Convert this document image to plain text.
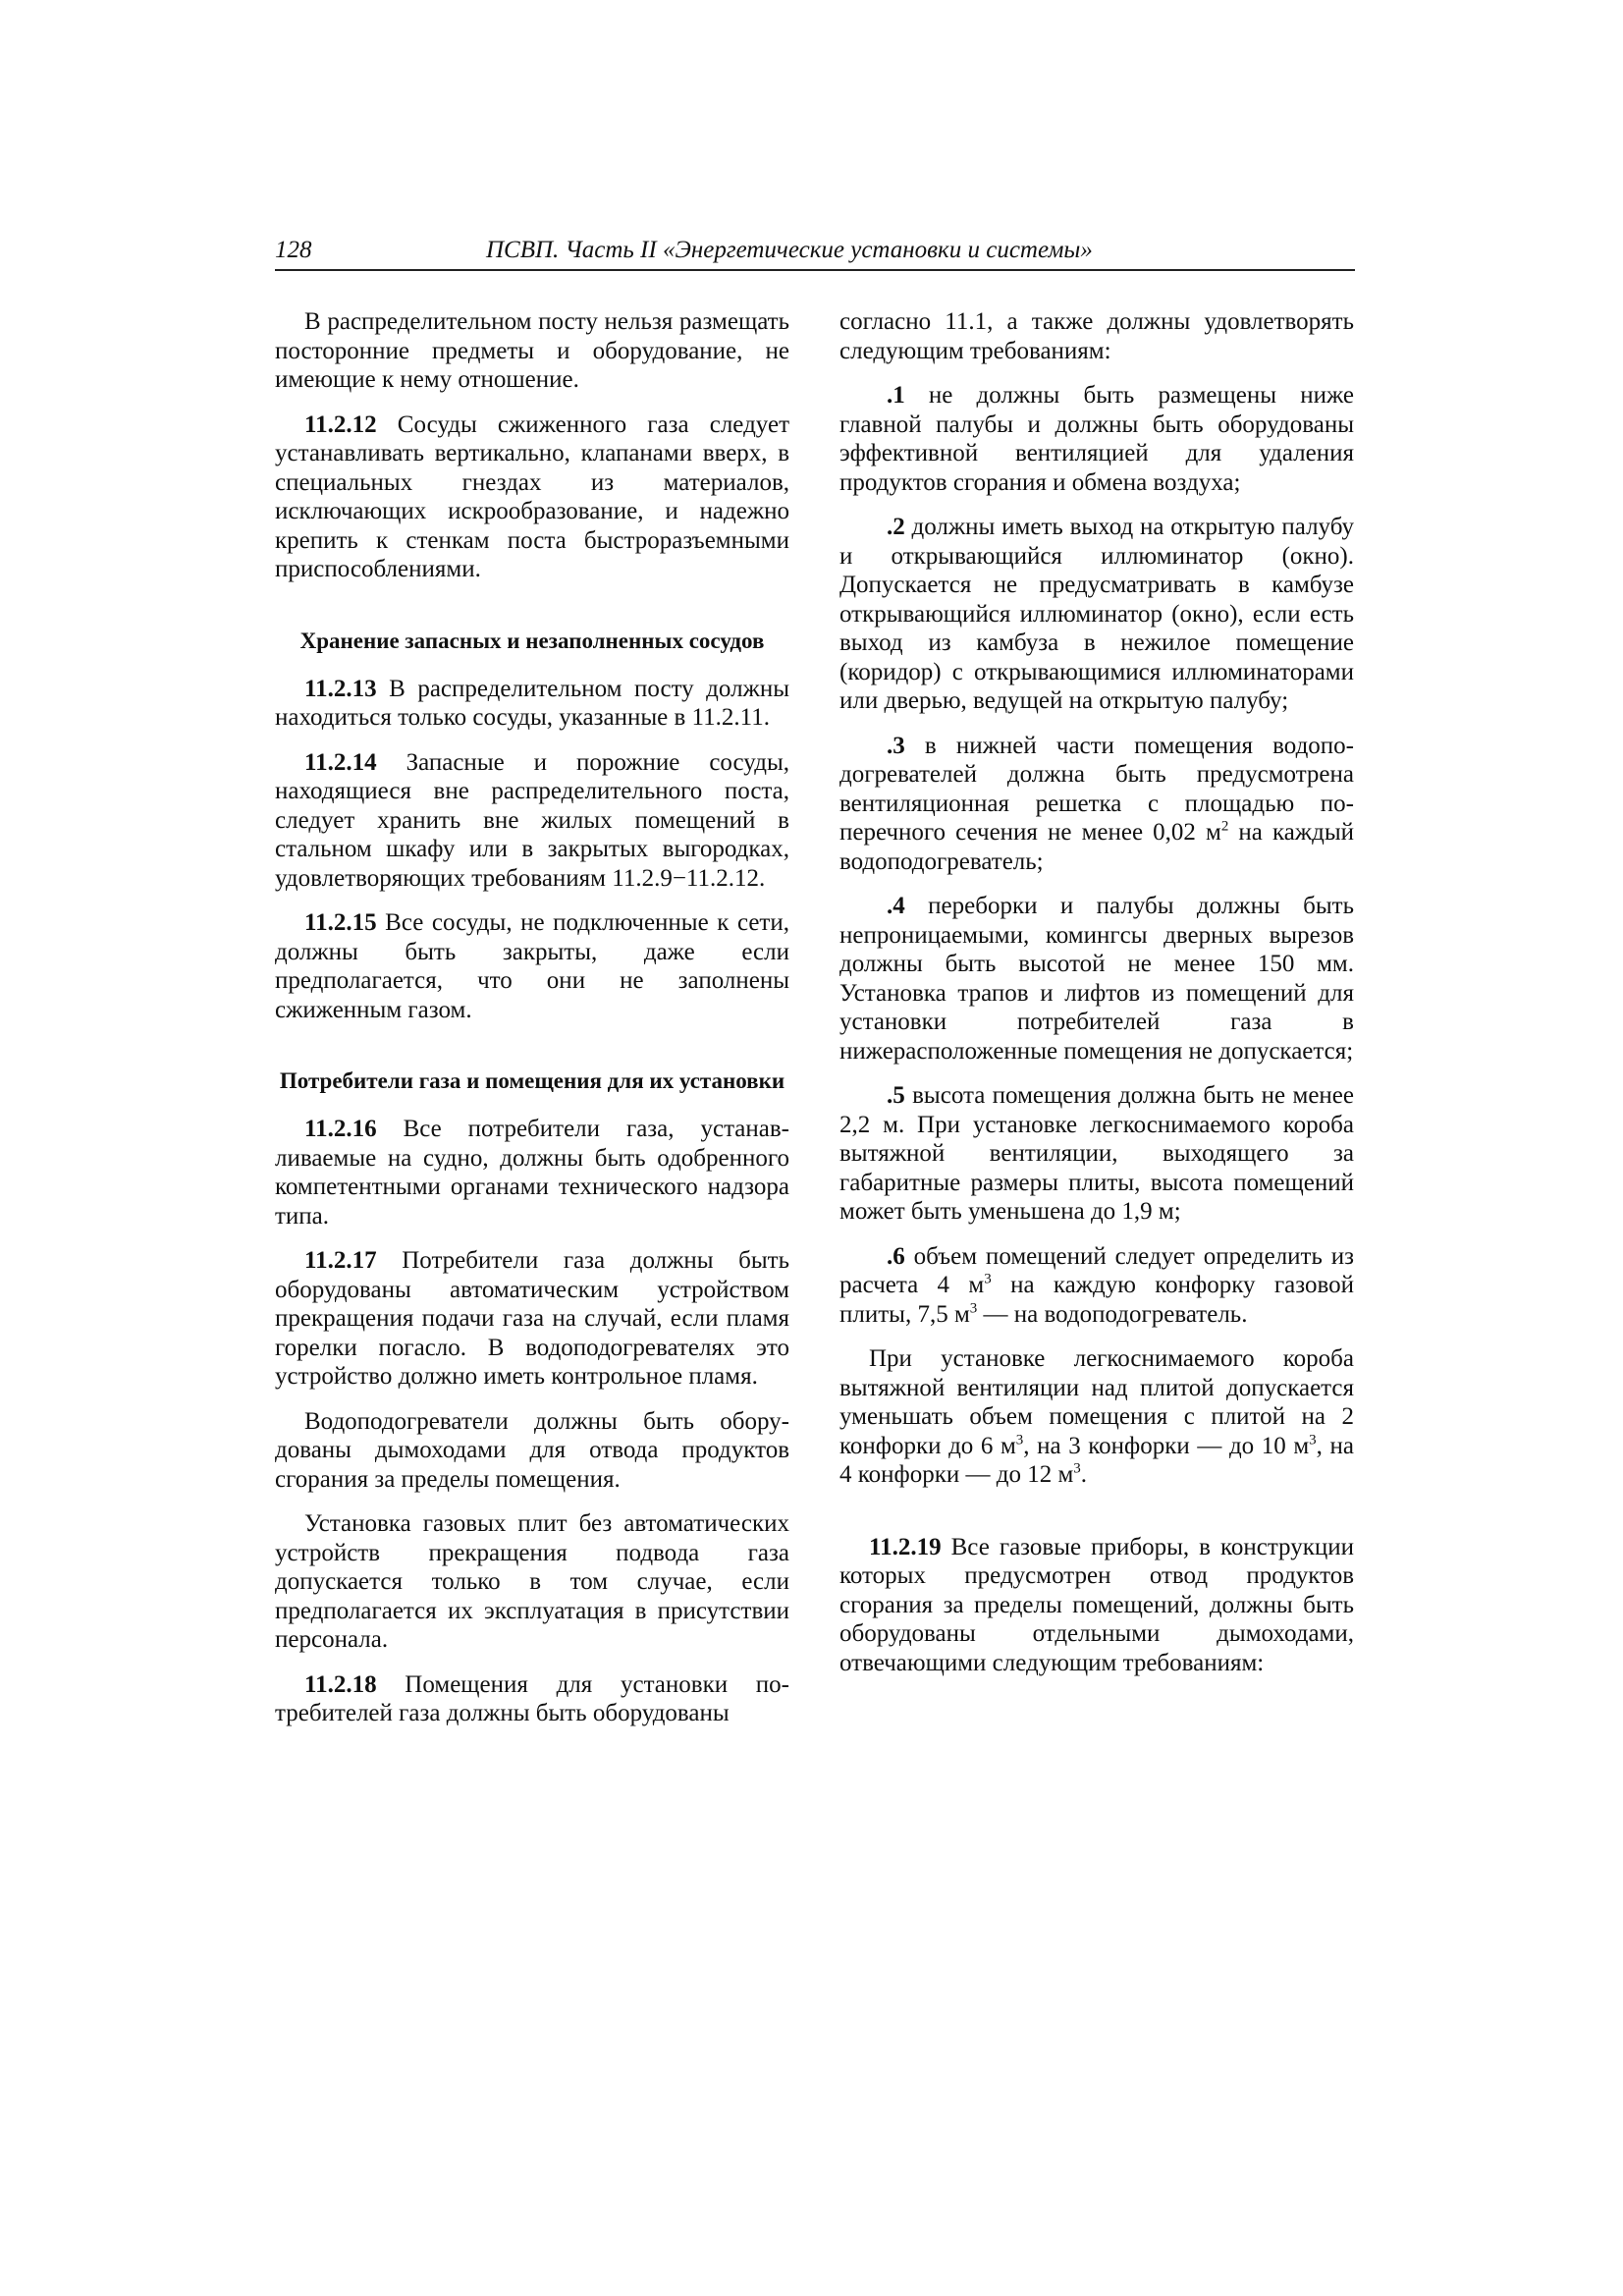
128	ПСВП. Часть II «Энергетические установки и системы»

В распределительном посту нельзя размещать посторонние предметы и оборудование, не имеющие к нему отношение.

11.2.12 Сосуды сжиженного газа следует устанавливать вертикально, клапанами вверх, в специальных гнездах из материалов, исключающих искрообразование, и надежно крепить к стенкам поста быстроразъемными приспособлениями.

Хранение запасных и незаполненных сосудов

11.2.13 В распределительном посту должны находиться только сосуды, указанные в 11.2.11.

11.2.14 Запасные и порожние сосуды, находящиеся вне распределительного поста, следует хранить вне жилых помещений в стальном шкафу или в закрытых выгородках, удовлетворяющих требованиям 11.2.9−11.2.12.

11.2.15 Все сосуды, не подключенные к сети, должны быть закрыты, даже если предполагается, что они не заполнены сжиженным газом.

Потребители газа и помещения для их установки

11.2.16 Все потребители газа, устанавливаемые на судно, должны быть одобренного компетентными органами технического надзора типа.

11.2.17 Потребители газа должны быть оборудованы автоматическим устройством прекращения подачи газа на случай, если пламя горелки погасло. В водоподогревателях это устройство должно иметь контрольное пламя.

Водоподогреватели должны быть оборудованы дымоходами для отвода продуктов сгорания за пределы помещения.

Установка газовых плит без автоматических устройств прекращения подвода газа допускается только в том случае, если предполагается их эксплуатация в присутствии персонала.

11.2.18 Помещения для установки потребителей газа должны быть оборудованы

согласно 11.1, а также должны удовлетворять следующим требованиям:

.1 не должны быть размещены ниже главной палубы и должны быть оборудованы эффективной вентиляцией для удаления продуктов сгорания и обмена воздуха;

.2 должны иметь выход на открытую палубу и открывающийся иллюминатор (окно). Допускается не предусматривать в камбузе открывающийся иллюминатор (окно), если есть выход из камбуза в нежилое помещение (коридор) с открывающимися иллюминаторами или дверью, ведущей на открытую палубу;

.3 в нижней части помещения водоподогревателей должна быть предусмотрена вентиляционная решетка с площадью поперечного сечения не менее 0,02 $м^2$ на каждый водоподогреватель;

.4 переборки и палубы должны быть непроницаемыми, комингсы дверных вырезов должны быть высотой не менее 150 мм. Установка трапов и лифтов из помещений для установки потребителей газа в нижерасположенные помещения не допускается;

.5 высота помещения должна быть не менее 2,2 м. При установке легкоснимаемого короба вытяжной вентиляции, выходящего за габаритные размеры плиты, высота помещений может быть уменьшена до 1,9 м;

.6 объем помещений следует определить из расчета 4 $м^3$ на каждую конфорку газовой плиты, 7,5 $м^3$ — на водоподогреватель.

При установке легкоснимаемого короба вытяжной вентиляции над плитой допускается уменьшать объем помещения с плитой на 2 конфорки до 6 $м^3$, на 3 конфорки — до 10 $м^3$, на 4 конфорки — до 12 $м^3$.

11.2.19 Все газовые приборы, в конструкции которых предусмотрен отвод продуктов сгорания за пределы помещений, должны быть оборудованы отдельными дымоходами, отвечающими следующим требованиям:
